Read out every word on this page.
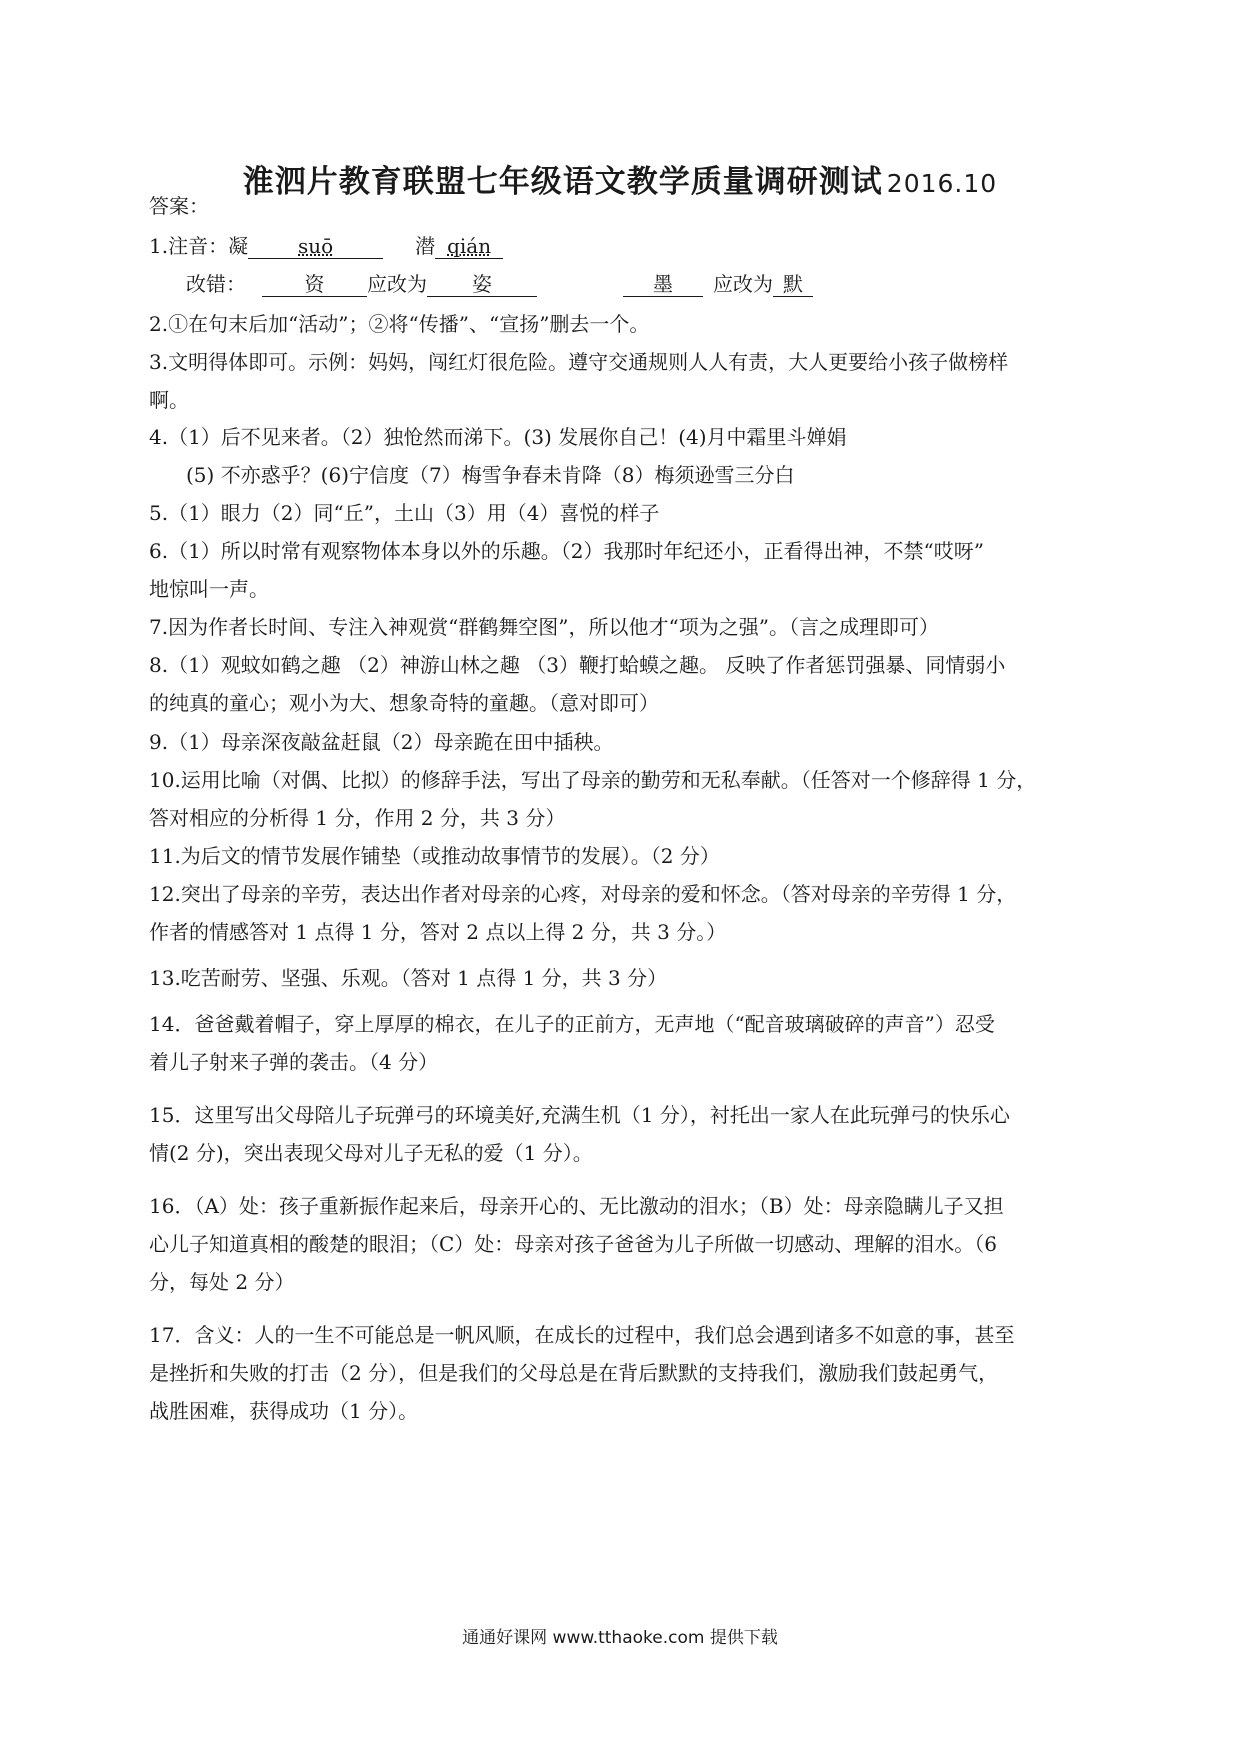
淮泗片教育联盟七年级语文教学质量调研测试 2016.10
答案：
1.注音：凝 suō	潜 qián
改错：	资 应改为 姿	墨 应改为 默
2.①在句末后加“活动”；②将“传播”、“宣扬”删去一个。
3.文明得体即可。示例：妈妈，闯红灯很危险。遵守交通规则人人有责，大人更要给小孩子做榜样
啊。
4.（1）后不见来者。（2）独怆然而涕下。(3) 发展你自己！(4)月中霜里斗婵娟
(5) 不亦惑乎？(6)宁信度（7）梅雪争春未肯降（8）梅须逊雪三分白
5.（1）眼力（2）同“丘”，土山（3）用（4）喜悦的样子
6.（1）所以时常有观察物体本身以外的乐趣。（2）我那时年纪还小，正看得出神，不禁“哎呀”
地惊叫一声。
7.因为作者长时间、专注入神观赏“群鹤舞空图”，所以他才“项为之强”。（言之成理即可）
8.（1）观蚊如鹤之趣 （2）神游山林之趣 （3）鞭打蛤蟆之趣。 反映了作者惩罚强暴、同情弱小
的纯真的童心；观小为大、想象奇特的童趣。（意对即可）
9.（1）母亲深夜敲盆赶鼠（2）母亲跪在田中插秧。
10.运用比喻（对偶、比拟）的修辞手法，写出了母亲的勤劳和无私奉献。（任答对一个修辞得 1 分，
答对相应的分析得 1 分，作用 2 分，共 3 分）
11.为后文的情节发展作铺垫（或推动故事情节的发展）。（2 分）
12.突出了母亲的辛劳，表达出作者对母亲的心疼，对母亲的爱和怀念。（答对母亲的辛劳得 1 分，
作者的情感答对 1 点得 1 分，答对 2 点以上得 2 分，共 3 分。）
13.吃苦耐劳、坚强、乐观。（答对 1 点得 1 分，共 3 分）
14．爸爸戴着帽子，穿上厚厚的棉衣，在儿子的正前方，无声地（“配音玻璃破碎的声音”）忍受
着儿子射来子弹的袭击。（4 分）
15．这里写出父母陪儿子玩弹弓的环境美好,充满生机（1 分），衬托出一家人在此玩弹弓的快乐心
情(2 分)，突出表现父母对儿子无私的爱（1 分）。
16．（A）处：孩子重新振作起来后，母亲开心的、无比激动的泪水；（B）处：母亲隐瞒儿子又担
心儿子知道真相的酸楚的眼泪；（C）处：母亲对孩子爸爸为儿子所做一切感动、理解的泪水。（6
分，每处 2 分）
17．含义：人的一生不可能总是一帆风顺，在成长的过程中，我们总会遇到诸多不如意的事，甚至
是挫折和失败的打击（2 分），但是我们的父母总是在背后默默的支持我们，激励我们鼓起勇气，
战胜困难，获得成功（1 分）。
通通好课网 www.tthaoke.com 提供下载
